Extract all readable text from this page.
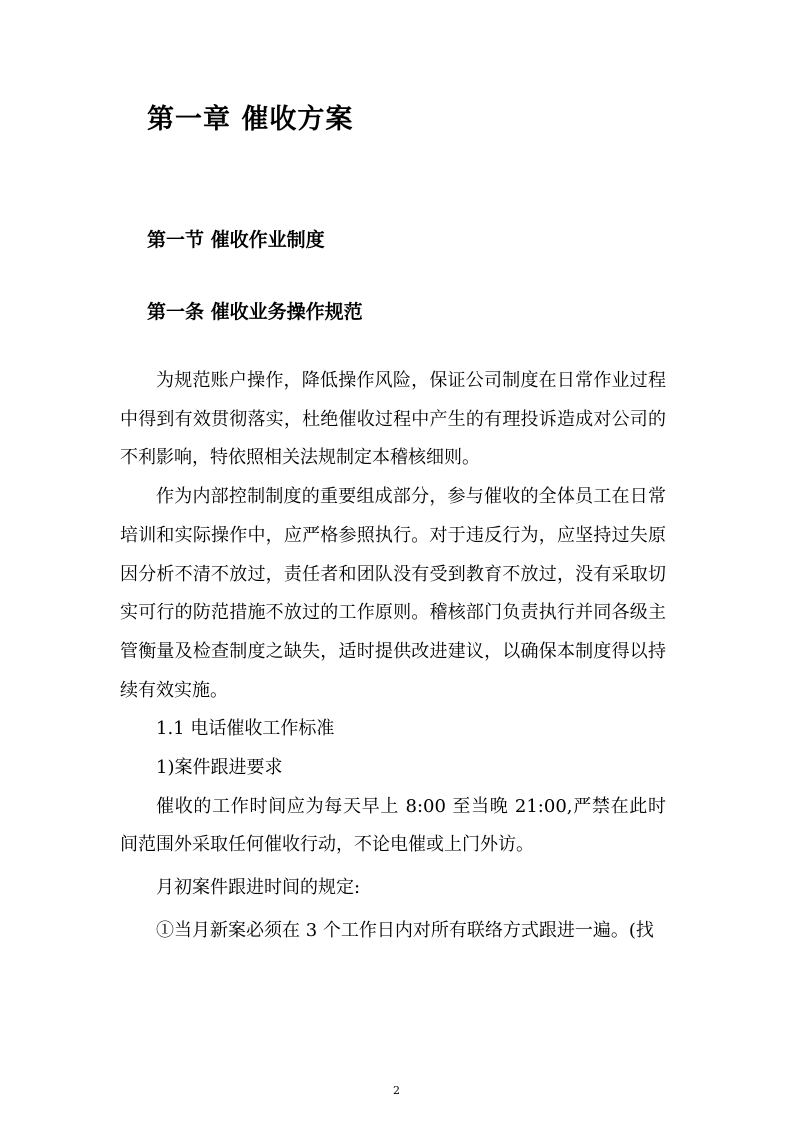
第一章 催收方案
第一节 催收作业制度
第一条 催收业务操作规范

为规范账户操作，降低操作风险，保证公司制度在日常作业过程中得到有效贯彻落实，杜绝催收过程中产生的有理投诉造成对公司的不利影响，特依照相关法规制定本稽核细则。

作为内部控制制度的重要组成部分，参与催收的全体员工在日常培训和实际操作中，应严格参照执行。对于违反行为，应坚持过失原因分析不清不放过，责任者和团队没有受到教育不放过，没有采取切实可行的防范措施不放过的工作原则。稽核部门负责执行并同各级主管衡量及检查制度之缺失，适时提供改进建议，以确保本制度得以持续有效实施。

1.1 电话催收工作标准

1)案件跟进要求

催收的工作时间应为每天早上 8:00 至当晚 21:00,严禁在此时间范围外采取任何催收行动，不论电催或上门外访。

月初案件跟进时间的规定:

①当月新案必须在 3 个工作日内对所有联络方式跟进一遍。(找

2
